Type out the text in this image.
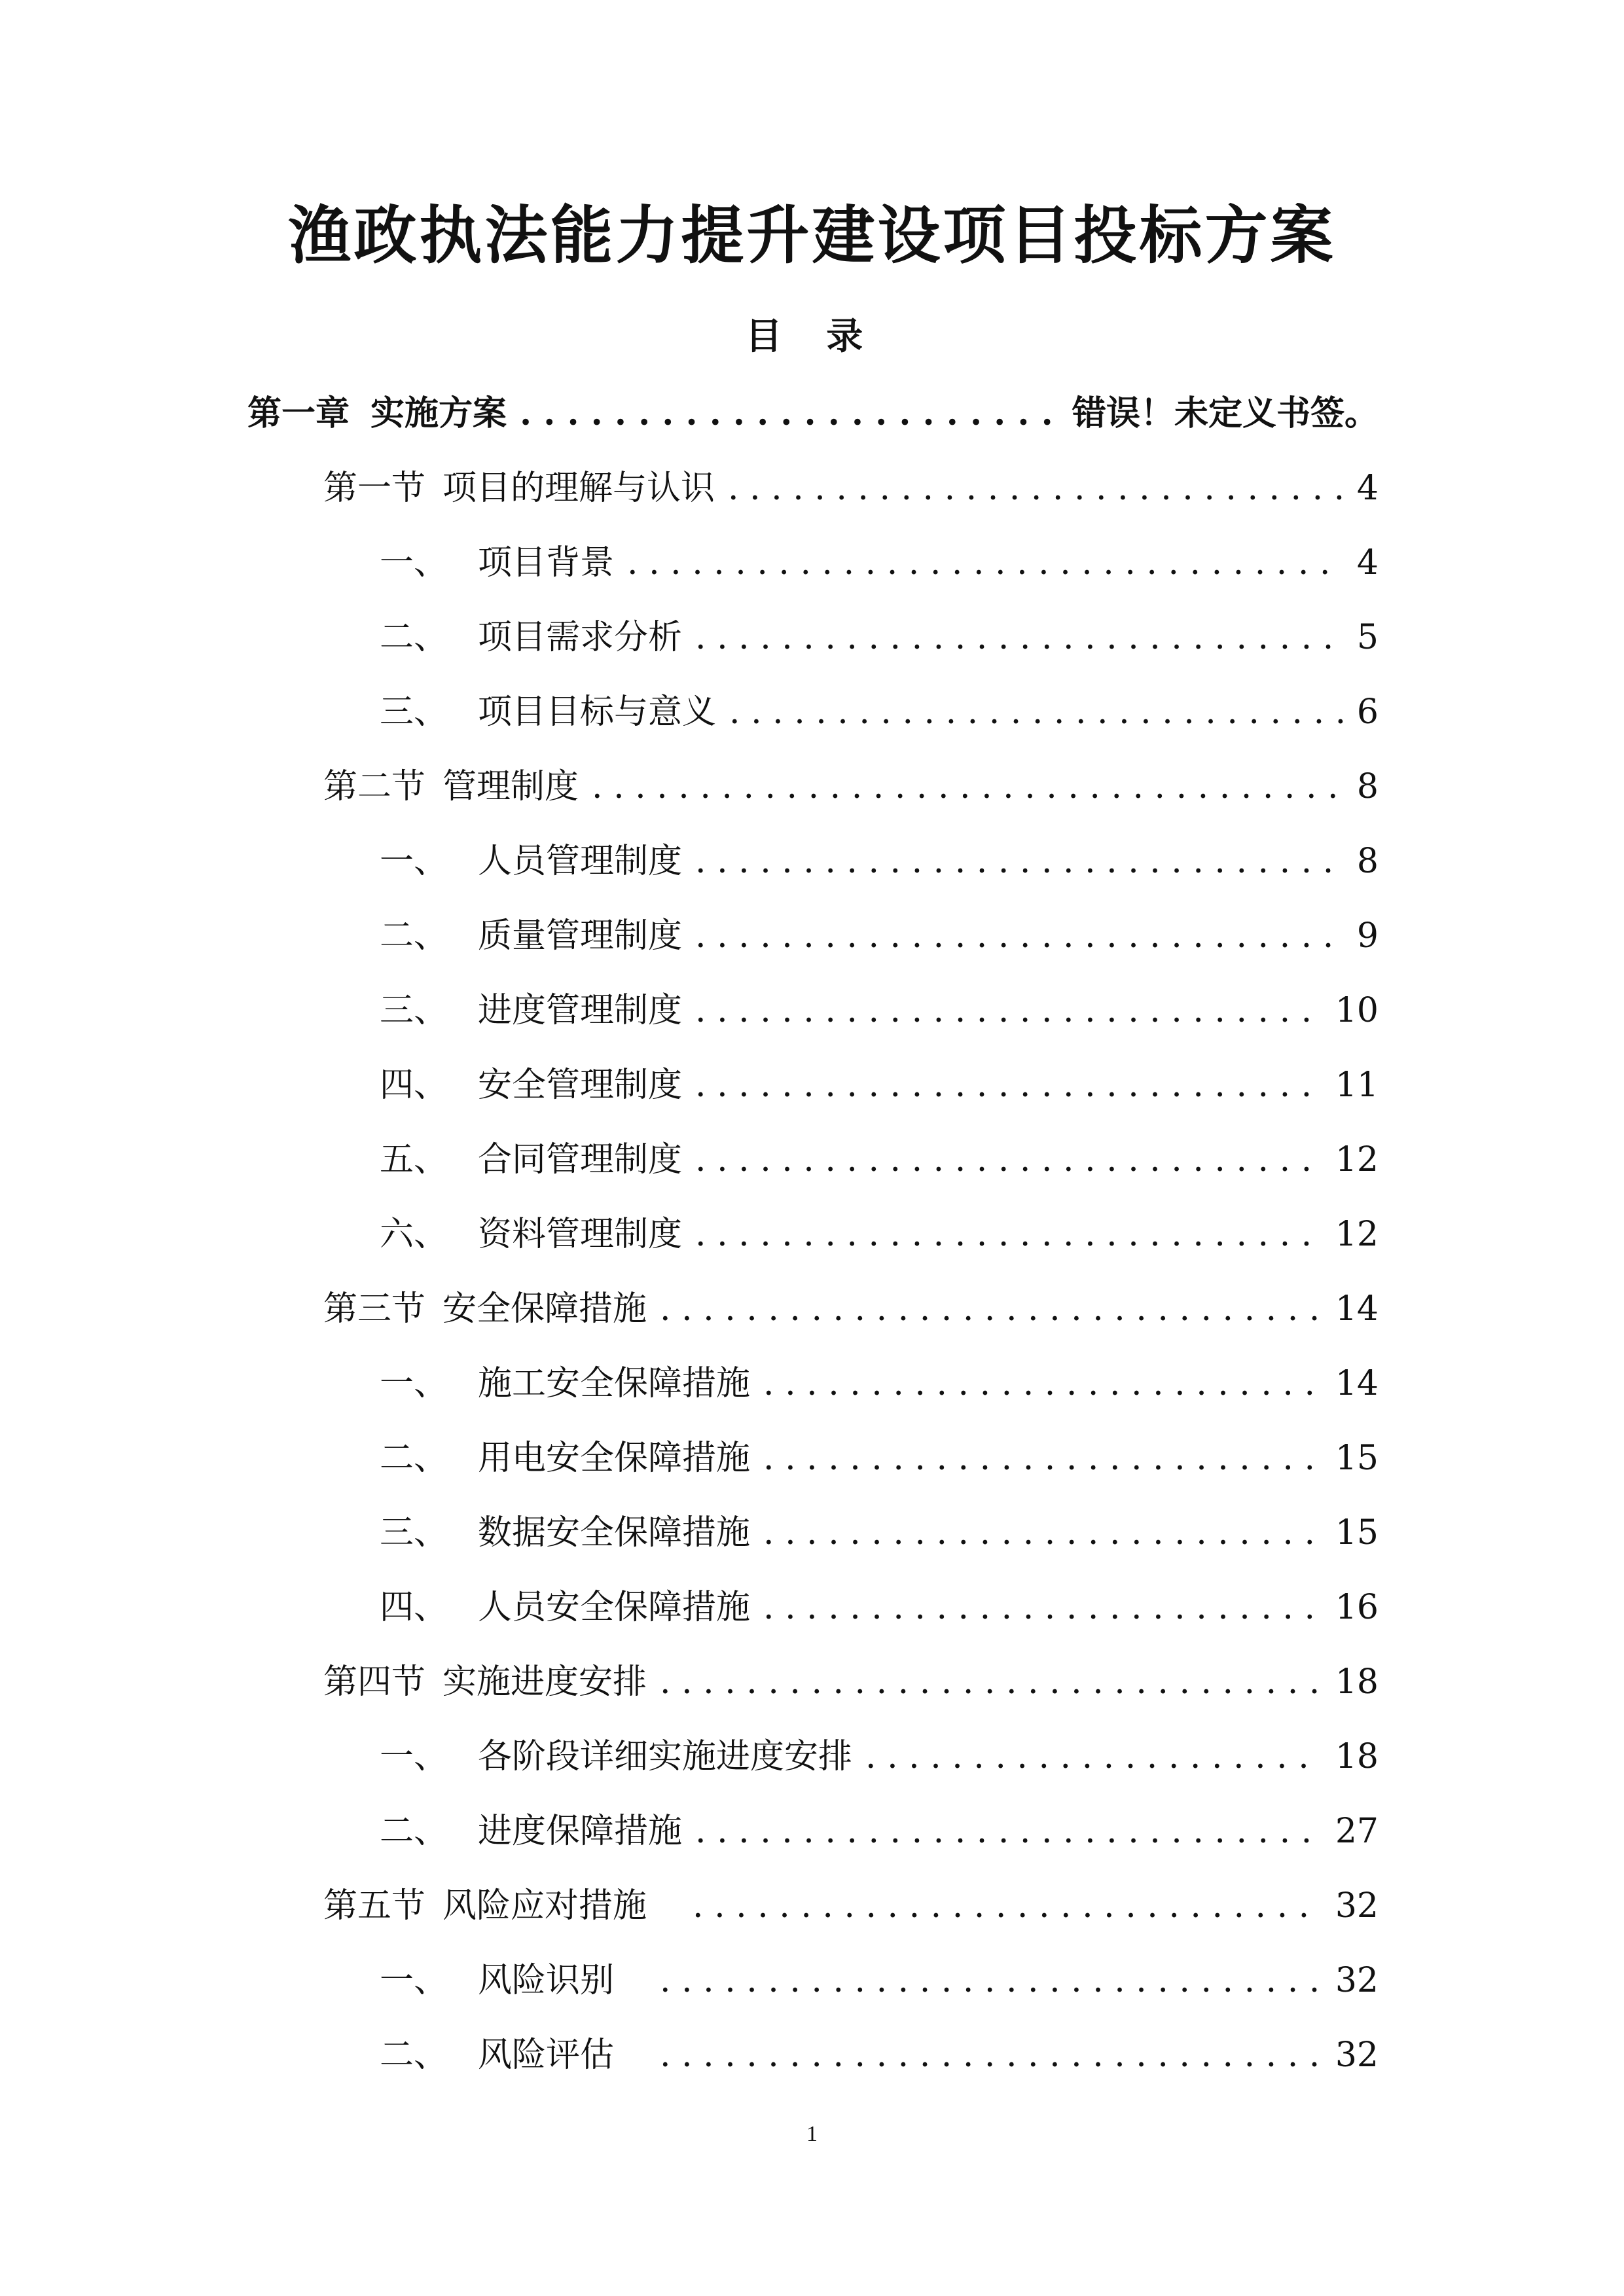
渔政执法能力提升建设项目投标方案
目 录
第一章 实施方案 . . .	错误！未定义书签。
第一节 项目的理解与认识 . . .	4
一、 项目背景 . . .	4
二、 项目需求分析 . . .	5
三、 项目目标与意义 . . .	6
第二节 管理制度 . . .	8
一、 人员管理制度 . . .	8
二、 质量管理制度 . . .	9
三、 进度管理制度 . . .	10
四、 安全管理制度 . . .	11
五、 合同管理制度 . . .	12
六、 资料管理制度 . . .	12
第三节 安全保障措施 . . .	14
一、 施工安全保障措施 . . .	14
二、 用电安全保障措施 . . .	15
三、 数据安全保障措施 . . .	15
四、 人员安全保障措施 . . .	16
第四节 实施进度安排 . . .	18
一、 各阶段详细实施进度安排 . . .	18
二、 进度保障措施 . . .	27
第五节 风险应对措施 . . .	32
一、 风险识别 . . .	32
二、 风险评估 . . .	32
1
